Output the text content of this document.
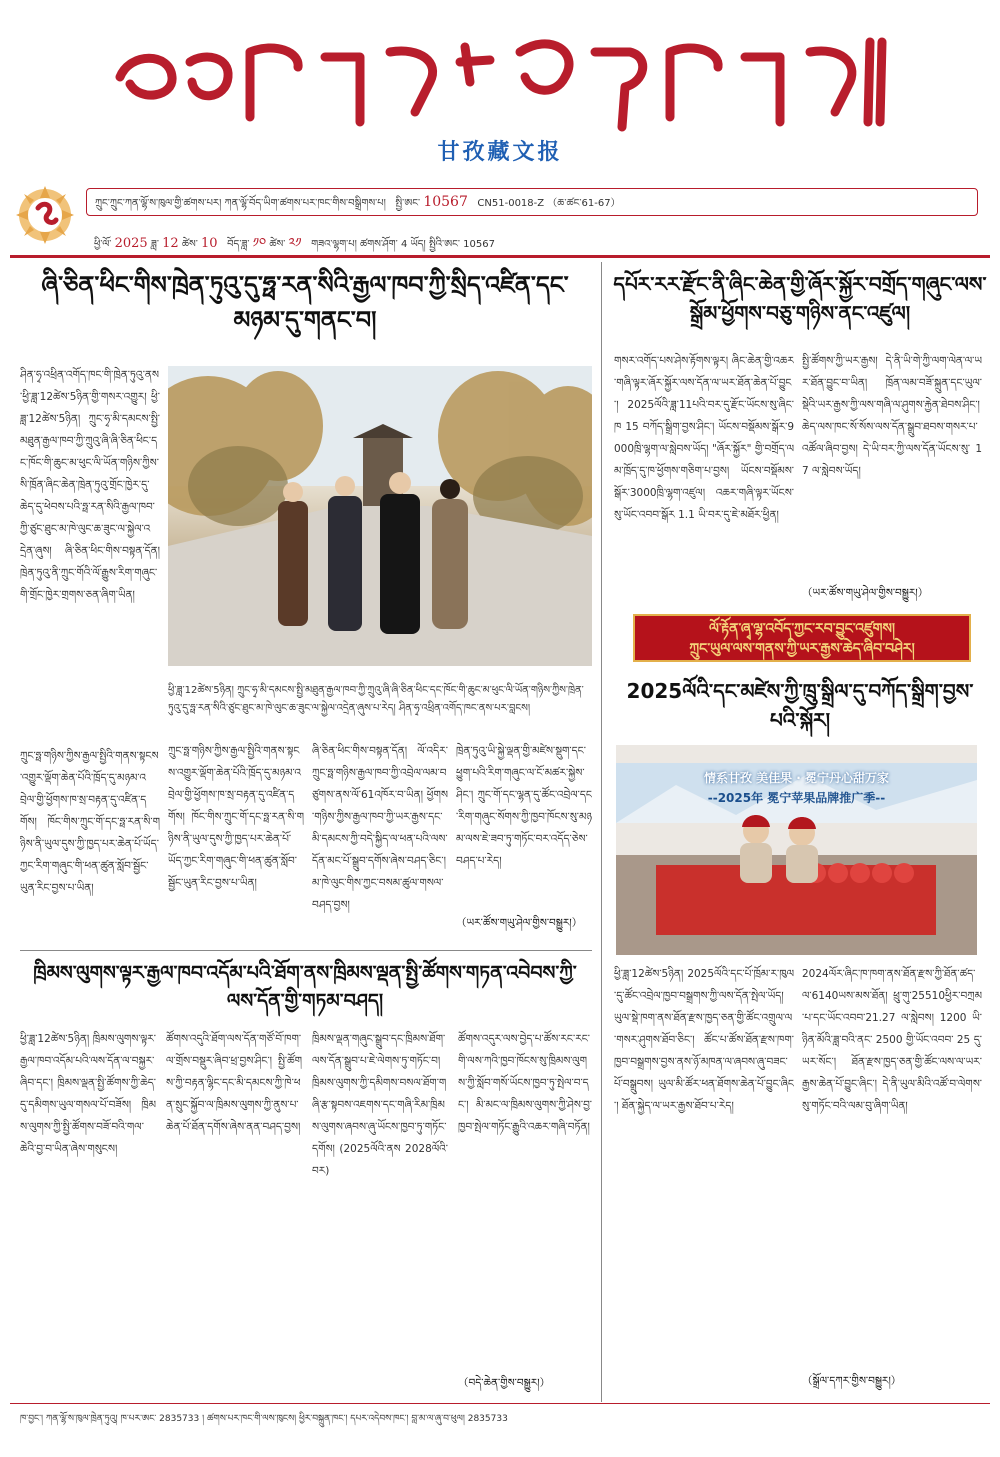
甘孜藏文报
ཀྲུང་ཀྲུང་ཀན་ལྷོ་ས་ཁུལ་གྱི་ཚགས་པར། ཀན་ལྷོ་བོད་ཡིག་ཚགས་པར་ཁང་གིས་བསྒྲིགས་པ། སྤྱི་ཨང་ 10567 CN51-0018-Z （ཆ་ཚང་61-67）
ཕྱི་ལོ་ 2025 ཟླ་ 12 ཚེས་ 10 བོད་ཟླ་ ༡༠ ཚེས་ ༢༡ གཟའ་ལྷག་པ། ཚགས་ཤོག་ 4 ཡོད། སྤྱིའི་ཨང་ 10567
ཞི་ཅིན་ཕིང་གིས་ཁྲེན་ཏུའུ་དུ་ཧྥ་རན་སིའི་རྒྱལ་ཁབ་ཀྱི་སྲིད་འཛིན་དང་མཉམ་དུ་གནང་བ།
ཤིན་ཧྭ་འཕྲིན་འགོད་ཁང་གི་ཁྲེན་ཏུའུ་ནས་ཕྱི་ཟླ་12ཚེས་5ཉིན་གྱི་གསར་འགྱུར། ཕྱི་ཟླ་12ཚེས་5ཉིན། ཀྲུང་ཧྭ་མི་དམངས་སྤྱི་མཐུན་རྒྱལ་ཁབ་ཀྱི་ཀྲུའུ་ཞི་ཞི་ཅིན་ཕིང་དང་ཁོང་གི་ཆུང་མ་ཕུང་ལི་ཡོན་གཉིས་ཀྱིས་སི་ཁྲོན་ཞིང་ཆེན་ཁྲེན་ཏུའུ་གྲོང་ཁྱེར་དུ་ཆེད་དུ་ཕེབས་པའི་ཧྥ་རན་སིའི་རྒྱལ་ཁབ་ཀྱི་ཙུང་ཐུང་མ་ཁེ་ལུང་ཆ་ཟུང་ལ་སྐྱེལ་འདྲེན་ཞུས། ཞི་ཅིན་ཕིང་གིས་བསྟན་དོན། ཁྲེན་ཏུའུ་ནི་ཀྲུང་གོའི་ལོ་རྒྱུས་རིག་གཞུང་གི་གྲོང་ཁྱེར་གྲགས་ཅན་ཞིག་ཡིན།
ཕྱི་ཟླ་12ཚེས་5ཉིན། ཀྲུང་ཧྭ་མི་དམངས་སྤྱི་མཐུན་རྒྱལ་ཁབ་ཀྱི་ཀྲུའུ་ཞི་ཞི་ཅིན་ཕིང་དང་ཁོང་གི་ཆུང་མ་ཕུང་ལི་ཡོན་གཉིས་ཀྱིས་ཁྲེན་ཏུའུ་དུ་ཧྥ་རན་སིའི་ཙུང་ཐུང་མ་ཁེ་ལུང་ཆ་ཟུང་ལ་སྐྱེལ་འདྲེན་ཞུས་པ་རེད། ཤིན་ཧྭ་འཕྲིན་འགོད་ཁང་ནས་པར་བླངས།
ཀྲུང་ཧྥ་གཉིས་ཀྱིས་རྒྱལ་སྤྱིའི་གནས་སྟངས་འགྱུར་ལྡོག་ཆེན་པོའི་ཁྲོད་དུ་མཉམ་འབྲེལ་གྱི་ཕྱོགས་ཁ་སྲ་བརྟན་དུ་འཛིན་དགོས། ཁོང་གིས་ཀྲུང་གོ་དང་ཧྥ་རན་སི་གཉིས་ནི་ཡུལ་དུས་ཀྱི་ཁྱད་པར་ཆེན་པོ་ཡོད་ཀྱང་རིག་གཞུང་གི་ཕན་ཚུན་སློབ་སྦྱོང་ཡུན་རིང་བྱས་པ་ཡིན།
ཀྲུང་ཧྥ་གཉིས་ཀྱིས་རྒྱལ་སྤྱིའི་གནས་སྟངས་འགྱུར་ལྡོག་ཆེན་པོའི་ཁྲོད་དུ་མཉམ་འབྲེལ་གྱི་ཕྱོགས་ཁ་སྲ་བརྟན་དུ་འཛིན་དགོས། ཁོང་གིས་ཀྲུང་གོ་དང་ཧྥ་རན་སི་གཉིས་ནི་ཡུལ་དུས་ཀྱི་ཁྱད་པར་ཆེན་པོ་ཡོད་ཀྱང་རིག་གཞུང་གི་ཕན་ཚུན་སློབ་སྦྱོང་ཡུན་རིང་བྱས་པ་ཡིན།
ཞི་ཅིན་ཕིང་གིས་བསྟན་དོན། ལོ་འདིར་ཀྲུང་ཧྥ་གཉིས་རྒྱལ་ཁབ་ཀྱི་འབྲེལ་ལམ་བཙུགས་ནས་ལོ་61འཁོར་བ་ཡིན། ཕྱོགས་གཉིས་ཀྱིས་རྒྱལ་ཁབ་ཀྱི་ཡར་རྒྱས་དང་མི་དམངས་ཀྱི་བདེ་སྐྱིད་ལ་ཕན་པའི་ལས་དོན་མང་པོ་སྒྲུབ་དགོས་ཞེས་བཤད་ཅིང་། མ་ཁེ་ལུང་གིས་ཀྱང་བསམ་ཚུལ་གསལ་བཤད་བྱས།
ཁྲེན་ཏུའུ་ཡི་སྐྱེ་ལྡན་གྱི་མཛེས་སྡུག་དང་ཕྱུག་པའི་རིག་གཞུང་ལ་ངོ་མཚར་སྐྱེས་ཤིང་། ཀྲུང་གོ་དང་ལྷན་དུ་ཚོང་འབྲེལ་དང་རིག་གཞུང་སོགས་ཀྱི་ཁྱབ་ཁོངས་སུ་མཉམ་ལས་ཇེ་ཟབ་ཏུ་གཏོང་བར་འདོད་ཅེས་བཤད་པ་རེད།
（ཡར་ཚོས་གཡུ་ཤེལ་གྱིས་བསྒྱུར།）
ཁྲིམས་ལུགས་ལྟར་རྒྱལ་ཁབ་འདོམ་པའི་ཐོག་ནས་ཁྲིམས་ལྡན་སྤྱི་ཚོགས་གཏན་འབེབས་ཀྱི་ལས་དོན་གྱི་གཏམ་བཤད།
ཕྱི་ཟླ་12ཚེས་5ཉིན། ཁྲིམས་ལུགས་ལྟར་རྒྱལ་ཁབ་འདོམ་པའི་ལས་དོན་ལ་བསྐྱར་ཞིབ་དང་། ཁྲིམས་ལྡན་སྤྱི་ཚོགས་ཀྱི་ཆེད་དུ་དམིགས་ཡུལ་གསལ་པོ་བཟོས། ཁྲིམས་ལུགས་ཀྱི་སྤྱི་ཚོགས་བཟོ་བའི་གལ་ཆེའི་བྱ་བ་ཡིན་ཞེས་གསུངས།
ཚོགས་འདུའི་ཐོག་ལས་དོན་གཙོ་བོ་ཁག་ལ་གྲོས་བསྡུར་ཞིབ་ཕྲ་བྱས་ཤིང་། སྤྱི་ཚོགས་ཀྱི་བརྟན་ལྷིང་དང་མི་དམངས་ཀྱི་ཁེ་ཕན་སྲུང་སྐྱོབ་ལ་ཁྲིམས་ལུགས་ཀྱི་ནུས་པ་ཆེན་པོ་ཐོན་དགོས་ཞེས་ནན་བཤད་བྱས།
ཁྲིམས་ལྡན་གཞུང་སྒྲུབ་དང་ཁྲིམས་ཐོག་ལས་དོན་སྒྲུབ་པ་ཇེ་ལེགས་ཏུ་གཏོང་བ། ཁྲིམས་ལུགས་ཀྱི་དམིགས་བསལ་ཐོག་གཞི་རྩ་སྟབས་འཇགས་དང་གཞི་རིམ་ཁྲིམས་ལུགས་ཞབས་ཞུ་ཡོངས་ཁྱབ་ཏུ་གཏོང་དགོས། (2025ལོའི་ནས 2028ལོའི་བར)
ཚོགས་འདུར་ལས་བྱེད་པ་ཚོས་རང་རང་གི་ལས་ཀའི་ཁྱབ་ཁོངས་སུ་ཁྲིམས་ལུགས་ཀྱི་སློབ་གསོ་ཡོངས་ཁྱབ་ཏུ་སྤེལ་བ་དང་། མི་མང་ལ་ཁྲིམས་ལུགས་ཀྱི་ཤེས་བྱ་ཁྱབ་སྤེལ་གཏོང་རྒྱུའི་འཆར་གཞི་བཏོན།
（བདེ་ཆེན་གྱིས་བསྒྱུར།）
དཔོར་རར་རྫོང་ནི་ཞིང་ཆེན་གྱི་ཞོར་སྐྱོར་བགྲོད་གཞུང་ལས་སྒྲོམ་ཕྱོགས་བཅུ་གཉིས་ནང་འཛུལ།
གསར་འགོད་པས་ཤེས་རྟོགས་ལྟར། ཞིང་ཆེན་གྱི་འཆར་གཞི་ལྟར་ཞོར་སྐྱོར་ལས་དོན་ལ་ཡར་ཐོན་ཆེན་པོ་བྱུང་། 2025ལོའི་ཟླ་11པའི་བར་དུ་རྫོང་ཡོངས་སུ་ཞིང་ཁ 15 བཀོད་སྒྲིག་བྱས་ཤིང་། ཡོངས་བསྡོམས་སྒོར་9000ཁྲི་ལྷག་ལ་སླེབས་ཡོད། "ཞོར་སྐྱོར" གྱི་བགྲོད་ལམ་ཁྲོད་དུ་ཁ་ཕྱོགས་གཅིག་པ་བྱས། ཡོངས་བསྡོམས་སྒོར་3000ཁྲི་ལྷག་འཛུལ། འཆར་གཞི་ལྟར་ཡོངས་སུ་ཡོང་འབབ་སྒོར 1.1 ཡི་བར་དུ་ཇེ་མཐོར་ཕྱིན།
སྤྱི་ཚོགས་ཀྱི་ཡར་རྒྱས། དེ་ནི་ཡི་གེ་ཀྱི་ལག་ལེན་ལ་ཡར་ཐོན་བྱུང་བ་ཡིན། ཁྲོན་ལམ་བཟོ་སྐྲུན་དང་ཡུལ་སྡེའི་ཡར་རྒྱས་ཀྱི་ལས་གཞི་ལ་ཤུགས་རྐྱེན་ཐེབས་ཤིང་། ཆེད་ལས་ཁང་སོ་སོས་ལས་དོན་སྒྲུབ་ཐབས་གསར་པ་འཚོལ་ཞིབ་བྱས། དེ་ཡི་བར་ཀྱི་ལས་དོན་ཡོངས་སུ་ 17 ལ་སླེབས་ཡོད།
（ཡར་ཚོས་གཡུ་ཤེལ་གྱིས་བསྒྱུར།）
ལོ་རྟོན་ཞྭ་ལྷ་འབོད་ཀྱང་རབ་བྱུང་འཛུགས།
ཀྲུང་ཡུལ་ལས་གནས་ཀྱི་ཡར་རྒྱས་ཆེད་ཞིབ་བཤེར།
2025ལོའི་དང་མཛེས་ཀྱི་ཁྲུ་སྒྲིལ་དུ་བཀོད་སྒྲིག་བྱས་པའི་སྐོར།
情系甘孜 美佳果 · 冕宁丹心甜万家
--2025年 冕宁苹果品牌推广季--
ཕྱི་ཟླ་12ཚེས་5ཉིན། 2025ལོའི་དང་པོ་ཁྲོམ་ར་ཁུལ་དུ་ཚོང་འབྲེལ་ཁྱབ་བསྒྲགས་ཀྱི་ལས་དོན་སྤེལ་ཡོད། ཡུལ་སྡེ་ཁག་ནས་ཐོན་རྫས་ཁྱད་ཅན་གྱི་ཚོང་འགྲུལ་ལ་གསར་ཤུགས་ཐོབ་ཅིང་། ཚོང་པ་ཚོས་ཐོན་རྫས་ཁག་ཁྱབ་བསྒྲགས་བྱས་ནས་ཉོ་མཁན་ལ་ཞབས་ཞུ་བཟང་པོ་བསྒྲུབས། ཡུལ་མི་ཚོར་ཕན་ཐོགས་ཆེན་པོ་བྱུང་ཞིང་། ཐོན་སྐྱེད་ལ་ཡར་རྒྱས་ཐོབ་པ་རེད།
2024ལོར་ཞིང་ཁ་ཁག་ནས་ཐོན་རྫས་ཀྱི་ཐོན་ཚད་ལ་6140ཡས་མས་ཐོན། ཕྲུ་གུ་25510ཕྱིར་བཀྲམ་པ་དང་ཡོང་འབབ་21.27 ལ་སླེབས། 1200 ཡི་ཉིན་མོའི་ཟླ་བའི་ནང་ 2500 གྱི་ཡོང་འབབ་ 25 དུ་ཡར་སོང་། ཐོན་རྫས་ཁྱད་ཅན་གྱི་ཚོང་ལས་ལ་ཡར་རྒྱས་ཆེན་པོ་བྱུང་ཞིང་། དེ་ནི་ཡུལ་མིའི་འཚོ་བ་ལེགས་སུ་གཏོང་བའི་ལམ་བུ་ཞིག་ཡིན།
（སྒྲོལ་དཀར་གྱིས་བསྒྱུར།）
ཁ་བྱང་། ཀན་ལྷོ་ས་ཁུལ་ཁྲེན་ཏུའུ། ཁ་པར་ཨང་ 2835733 ། ཚགས་པར་ཁང་གི་ལས་ཁུངས། ཕྱིར་བསྐྲུན་ཁང་། དཔར་འདེབས་ཁང་། བླ་མ་ལ་ཞུ་བ་ཕུལ། 2835733
